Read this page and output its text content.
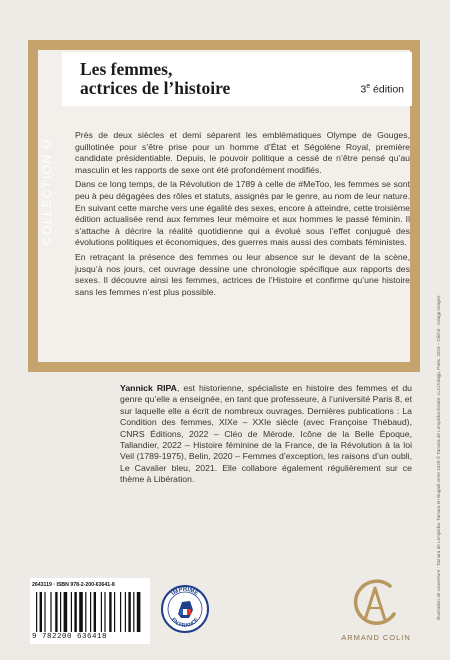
Les femmes,
actrices de l’histoire	3e édition
COLLECTION U

Près de deux siècles et demi séparent les emblématiques Olympe de Gouges, guillotinée pour s’être prise pour un homme d’État et Ségolène Royal, première candidate présidentiable. Depuis, le pouvoir politique a cessé de n’être pensé qu’au masculin et les rapports de sexe ont été profondément modifiés.

Dans ce long temps, de la Révolution de 1789 à celle de #MeToo, les femmes se sont peu à peu dégagées des rôles et statuts, assignés par le genre, au nom de leur nature. En suivant cette marche vers une égalité des sexes, encore à atteindre, cette troisième édition actualisée rend aux femmes leur mémoire et aux hommes le passé féminin. Il s’attache à décrire la réalité quotidienne qui a évolué sous l’effet conjugué des évolutions politiques et économiques, des guerres mais aussi des combats féministes.

En retraçant la présence des femmes ou leur absence sur le devant de la scène, jusqu’à nos jours, cet ouvrage dessine une chronologie spécifique aux rapports des sexes. Il découvre ainsi les femmes, actrices de l’Histoire et confirme qu’une histoire sans les femmes n’est plus possible.

Yannick RIPA, est historienne, spécialiste en histoire des femmes et du genre qu’elle a enseignée, en tant que professeure, à l’université Paris 8, et sur laquelle elle a écrit de nombreux ouvrages. Dernières publications : La Condition des femmes, XIXe – XXIe siècle (avec Françoise Thébaud), CNRS Éditions, 2022 – Cléo de Mérode. Icône de la Belle Époque, Tallandier, 2022 – Histoire féminine de la France, de la Révolution à la loi Veil (1789-1975), Belin, 2020 – Femmes d’exception, les raisons d’un oubli, Le Cavalier bleu, 2021. Elle collabore également régulièrement sur ce thème à Libération.	Illustration de couverture : Tamara de Lempicka, Tamara en Bugatti verte 1929 © Tamara de Lempicka Estate, LLC/Adagp, Paris, 2023 – Cliché : Adagp images
2643119 · ISBN 978-2-200-63641-8
9 782200 636418
IMPRIMÉ
EN FRANCE
ARMAND COLIN
